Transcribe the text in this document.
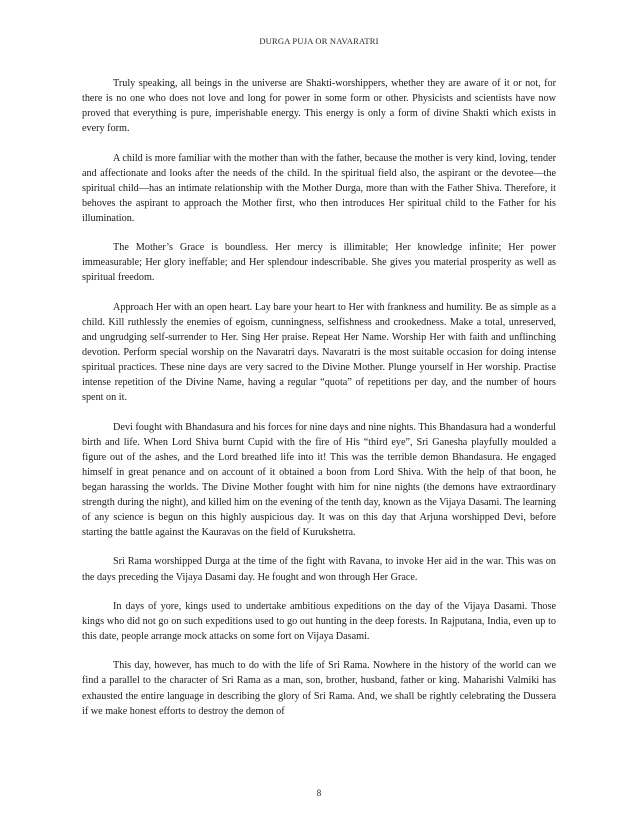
DURGA PUJA OR NAVARATRI

Truly speaking, all beings in the universe are Shakti-worshippers, whether they are aware of it or not, for there is no one who does not love and long for power in some form or other. Physicists and scientists have now proved that everything is pure, imperishable energy. This energy is only a form of divine Shakti which exists in every form.

A child is more familiar with the mother than with the father, because the mother is very kind, loving, tender and affectionate and looks after the needs of the child. In the spiritual field also, the aspirant or the devotee—the spiritual child—has an intimate relationship with the Mother Durga, more than with the Father Shiva. Therefore, it behoves the aspirant to approach the Mother first, who then introduces Her spiritual child to the Father for his illumination.

The Mother’s Grace is boundless. Her mercy is illimitable; Her knowledge infinite; Her power immeasurable; Her glory ineffable; and Her splendour indescribable. She gives you material prosperity as well as spiritual freedom.

Approach Her with an open heart. Lay bare your heart to Her with frankness and humility. Be as simple as a child. Kill ruthlessly the enemies of egoism, cunningness, selfishness and crookedness. Make a total, unreserved, and ungrudging self-surrender to Her. Sing Her praise. Repeat Her Name. Worship Her with faith and unflinching devotion. Perform special worship on the Navaratri days. Navaratri is the most suitable occasion for doing intense spiritual practices. These nine days are very sacred to the Divine Mother. Plunge yourself in Her worship. Practise intense repetition of the Divine Name, having a regular “quota” of repetitions per day, and the number of hours spent on it.

Devi fought with Bhandasura and his forces for nine days and nine nights. This Bhandasura had a wonderful birth and life. When Lord Shiva burnt Cupid with the fire of His “third eye”, Sri Ganesha playfully moulded a figure out of the ashes, and the Lord breathed life into it! This was the terrible demon Bhandasura. He engaged himself in great penance and on account of it obtained a boon from Lord Shiva. With the help of that boon, he began harassing the worlds. The Divine Mother fought with him for nine nights (the demons have extraordinary strength during the night), and killed him on the evening of the tenth day, known as the Vijaya Dasami. The learning of any science is begun on this highly auspicious day. It was on this day that Arjuna worshipped Devi, before starting the battle against the Kauravas on the field of Kurukshetra.

Sri Rama worshipped Durga at the time of the fight with Ravana, to invoke Her aid in the war. This was on the days preceding the Vijaya Dasami day. He fought and won through Her Grace.

In days of yore, kings used to undertake ambitious expeditions on the day of the Vijaya Dasami. Those kings who did not go on such expeditions used to go out hunting in the deep forests. In Rajputana, India, even up to this date, people arrange mock attacks on some fort on Vijaya Dasami.

This day, however, has much to do with the life of Sri Rama. Nowhere in the history of the world can we find a parallel to the character of Sri Rama as a man, son, brother, husband, father or king. Maharishi Valmiki has exhausted the entire language in describing the glory of Sri Rama. And, we shall be rightly celebrating the Dussera if we make honest efforts to destroy the demon of

8
